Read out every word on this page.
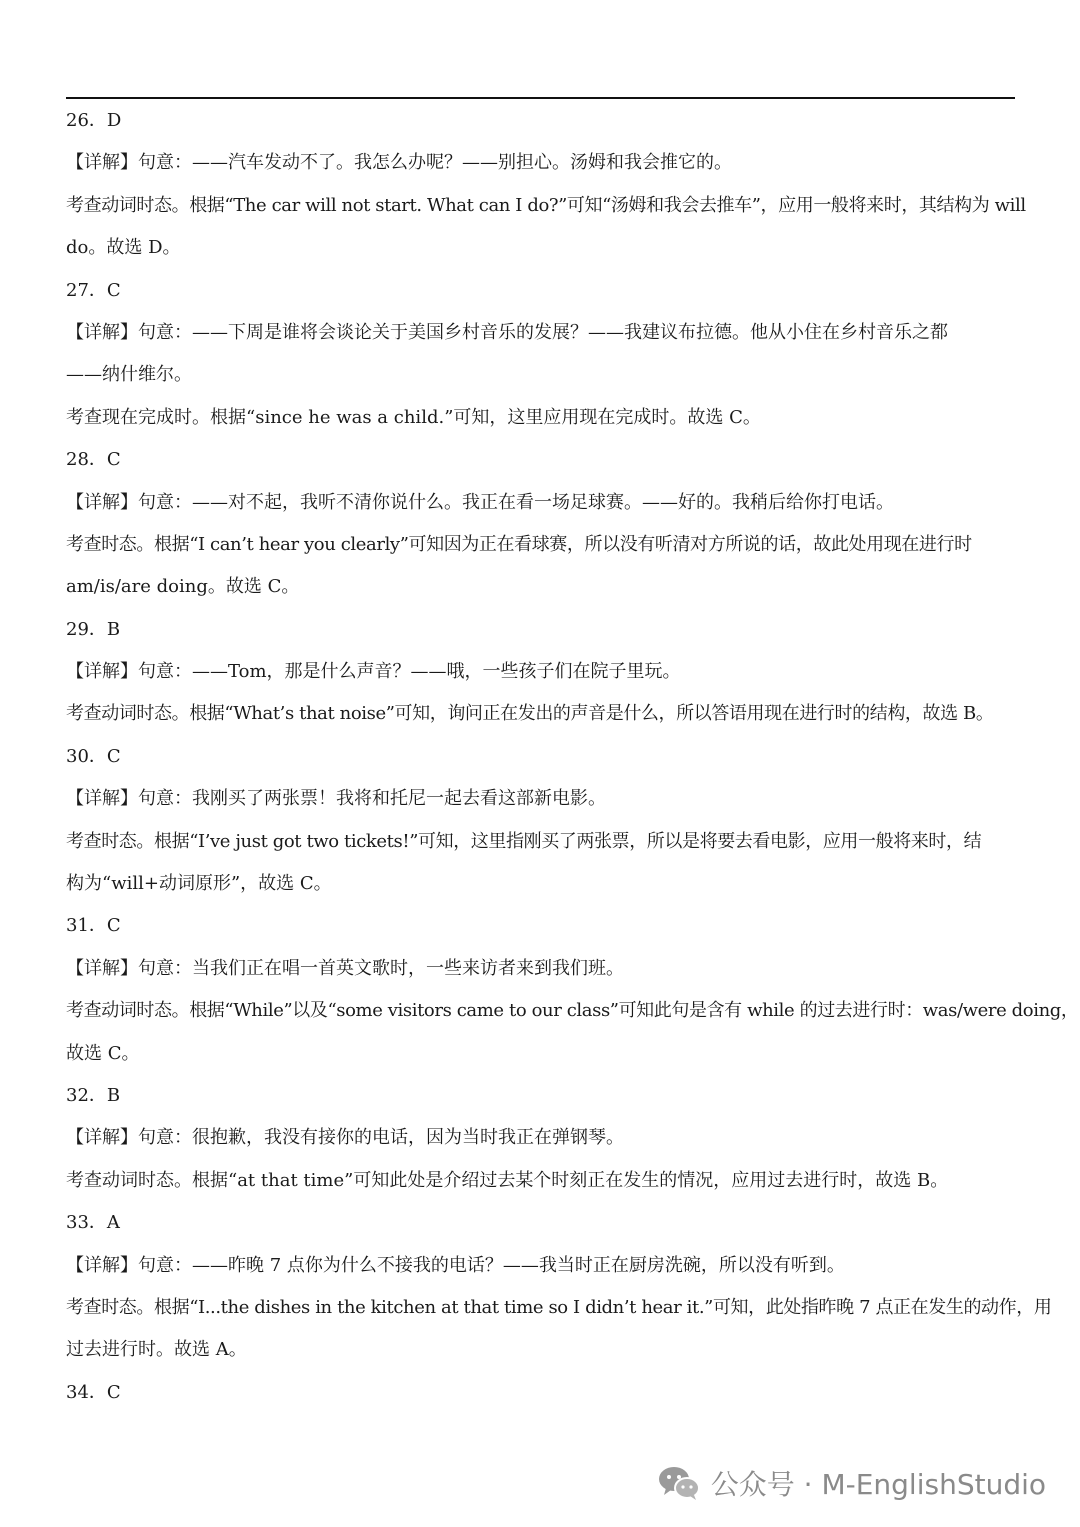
26．D
【详解】句意：——汽车发动不了。我怎么办呢？——别担心。汤姆和我会推它的。
考查动词时态。根据“The car will not start. What can I do?”可知“汤姆和我会去推车”，应用一般将来时，其结构为 will
do。故选 D。
27．C
【详解】句意：——下周是谁将会谈论关于美国乡村音乐的发展？——我建议布拉德。他从小住在乡村音乐之都
——纳什维尔。
考查现在完成时。根据“since he was a child.”可知，这里应用现在完成时。故选 C。
28．C
【详解】句意：——对不起，我听不清你说什么。我正在看一场足球赛。——好的。我稍后给你打电话。
考查时态。根据“I can’t hear you clearly”可知因为正在看球赛，所以没有听清对方所说的话，故此处用现在进行时
am/is/are doing。故选 C。
29．B
【详解】句意：——Tom，那是什么声音？——哦，一些孩子们在院子里玩。
考查动词时态。根据“What’s that noise”可知，询问正在发出的声音是什么，所以答语用现在进行时的结构，故选 B。
30．C
【详解】句意：我刚买了两张票！我将和托尼一起去看这部新电影。
考查时态。根据“I’ve just got two tickets!”可知，这里指刚买了两张票，所以是将要去看电影，应用一般将来时，结
构为“will+动词原形”，故选 C。
31．C
【详解】句意：当我们正在唱一首英文歌时，一些来访者来到我们班。
考查动词时态。根据“While”以及“some visitors came to our class”可知此句是含有 while 的过去进行时：was/were doing，
故选 C。
32．B
【详解】句意：很抱歉，我没有接你的电话，因为当时我正在弹钢琴。
考查动词时态。根据“at that time”可知此处是介绍过去某个时刻正在发生的情况，应用过去进行时，故选 B。
33．A
【详解】句意：——昨晚 7 点你为什么不接我的电话？——我当时正在厨房洗碗，所以没有听到。
考查时态。根据“I...the dishes in the kitchen at that time so I didn’t hear it.”可知，此处指昨晚 7 点正在发生的动作，用
过去进行时。故选 A。
34．C
公众号 · M-EnglishStudio
